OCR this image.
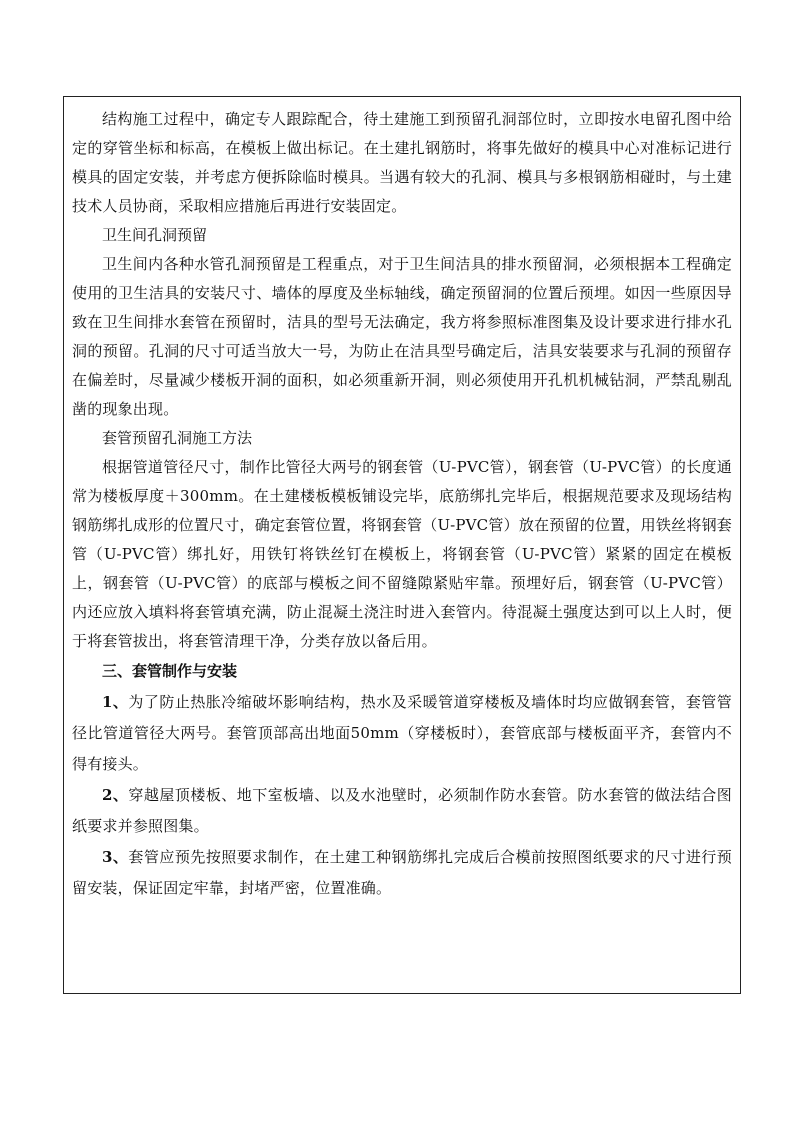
结构施工过程中，确定专人跟踪配合，待土建施工到预留孔洞部位时，立即按水电留孔图中给定的穿管坐标和标高，在模板上做出标记。在土建扎钢筋时，将事先做好的模具中心对准标记进行模具的固定安装，并考虑方便拆除临时模具。当遇有较大的孔洞、模具与多根钢筋相碰时，与土建技术人员协商，采取相应措施后再进行安装固定。

卫生间孔洞预留

卫生间内各种水管孔洞预留是工程重点，对于卫生间洁具的排水预留洞，必须根据本工程确定使用的卫生洁具的安装尺寸、墙体的厚度及坐标轴线，确定预留洞的位置后预埋。如因一些原因导致在卫生间排水套管在预留时，洁具的型号无法确定，我方将参照标准图集及设计要求进行排水孔洞的预留。孔洞的尺寸可适当放大一号，为防止在洁具型号确定后，洁具安装要求与孔洞的预留存在偏差时，尽量减少楼板开洞的面积，如必须重新开洞，则必须使用开孔机机械钻洞，严禁乱剔乱凿的现象出现。

套管预留孔洞施工方法

根据管道管径尺寸，制作比管径大两号的钢套管（U-PVC管），钢套管（U-PVC管）的长度通常为楼板厚度＋300mm。在土建楼板模板铺设完毕，底筋绑扎完毕后，根据规范要求及现场结构钢筋绑扎成形的位置尺寸，确定套管位置，将钢套管（U-PVC管）放在预留的位置，用铁丝将钢套管（U-PVC管）绑扎好，用铁钉将铁丝钉在模板上，将钢套管（U-PVC管）紧紧的固定在模板上，钢套管（U-PVC管）的底部与模板之间不留缝隙紧贴牢靠。预埋好后，钢套管（U-PVC管）内还应放入填料将套管填充满，防止混凝土浇注时进入套管内。待混凝土强度达到可以上人时，便于将套管拔出，将套管清理干净，分类存放以备后用。

三、套管制作与安装

1、为了防止热胀冷缩破坏影响结构，热水及采暖管道穿楼板及墙体时均应做钢套管，套管管径比管道管径大两号。套管顶部高出地面50mm（穿楼板时），套管底部与楼板面平齐，套管内不得有接头。

2、穿越屋顶楼板、地下室板墙、以及水池壁时，必须制作防水套管。防水套管的做法结合图纸要求并参照图集。

3、套管应预先按照要求制作，在土建工种钢筋绑扎完成后合模前按照图纸要求的尺寸进行预留安装，保证固定牢靠，封堵严密，位置准确。
